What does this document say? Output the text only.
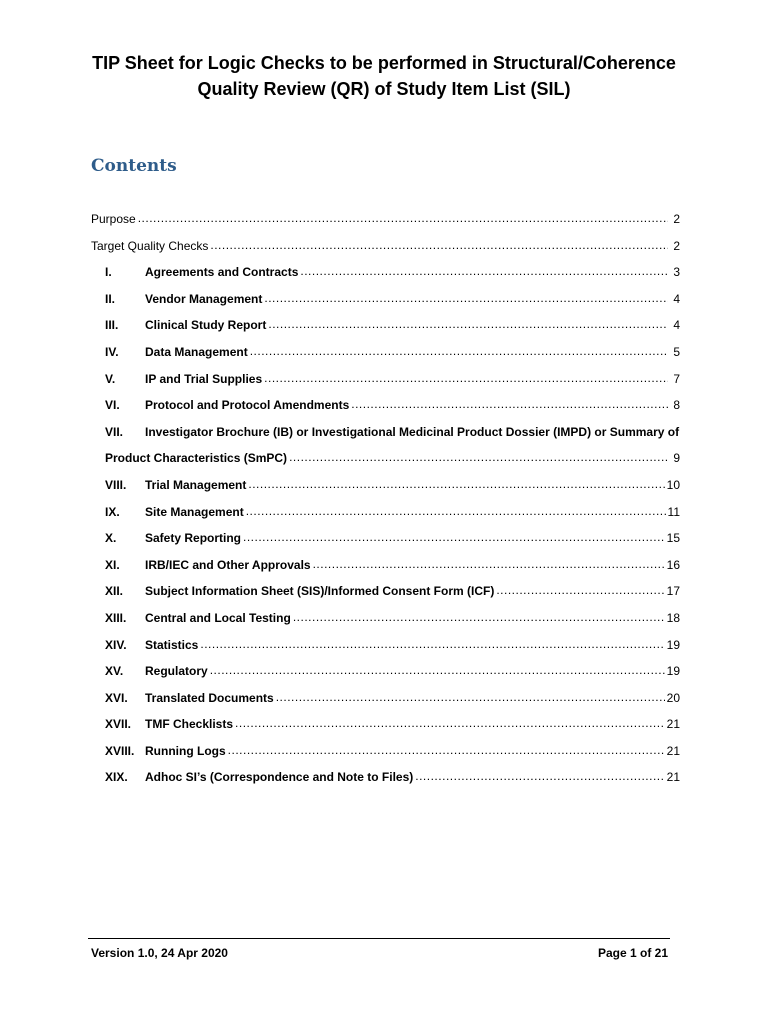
TIP Sheet for Logic Checks to be performed in Structural/Coherence
Quality Review (QR) of Study Item List (SIL)
Contents
Purpose .....	2
Target Quality Checks .....	2
I.	Agreements and Contracts .....	3
II.	Vendor Management .....	4
III.	Clinical Study Report .....	4
IV.	Data Management .....	5
V.	IP and Trial Supplies .....	7
VI.	Protocol and Protocol Amendments .....	8
VII.	Investigator Brochure (IB) or Investigational Medicinal Product Dossier (IMPD) or Summary of
Product Characteristics (SmPC) .....	9
VIII.	Trial Management .....	10
IX.	Site Management .....	11
X.	Safety Reporting .....	15
XI.	IRB/IEC and Other Approvals .....	16
XII.	Subject Information Sheet (SIS)/Informed Consent Form (ICF) .....	17
XIII.	Central and Local Testing .....	18
XIV.	Statistics .....	19
XV.	Regulatory .....	19
XVI.	Translated Documents .....	20
XVII.	TMF Checklists .....	21
XVIII. Running Logs .....	21
XIX.	Adhoc SI’s (Correspondence and Note to Files) .....	21
Version 1.0, 24 Apr 2020	Page 1 of 21
